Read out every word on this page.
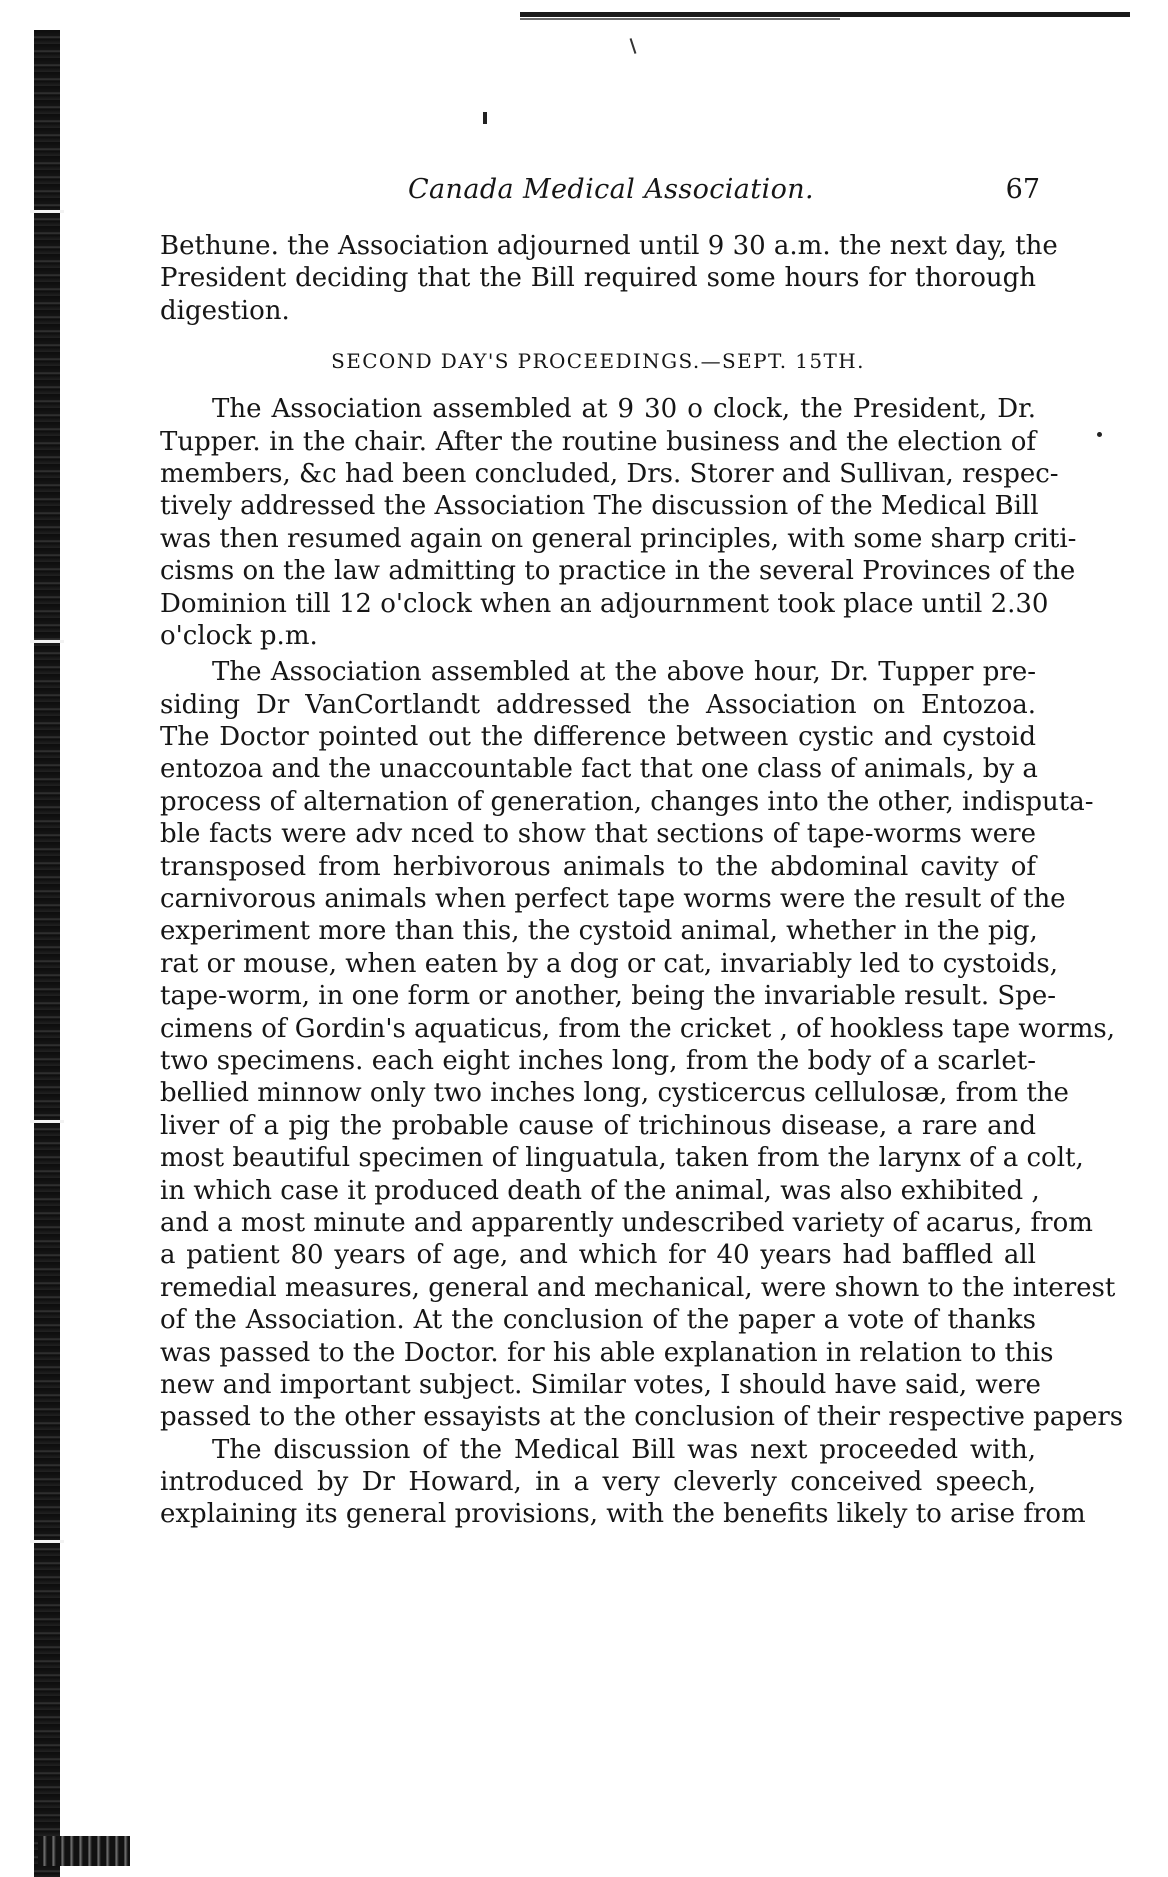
Canada Medical Association.	67
Bethune. the Association adjourned until 9 30 a.m. the next day, the
President deciding that the Bill required some hours for thorough
digestion.
SECOND DAY'S PROCEEDINGS.—SEPT. 15TH.
The Association assembled at 9 30 o clock, the President, Dr.
Tupper. in the chair. After the routine business and the election of
members, &c had been concluded, Drs. Storer and Sullivan, respec-
tively addressed the Association The discussion of the Medical Bill
was then resumed again on general principles, with some sharp criti-
cisms on the law admitting to practice in the several Provinces of the
Dominion till 12 o'clock when an adjournment took place until 2.30
o'clock p.m.
The Association assembled at the above hour, Dr. Tupper pre-
siding Dr VanCortlandt addressed the Association on Entozoa.
The Doctor pointed out the difference between cystic and cystoid
entozoa and the unaccountable fact that one class of animals, by a
process of alternation of generation, changes into the other, indisputa-
ble facts were adv nced to show that sections of tape-worms were
transposed from herbivorous animals to the abdominal cavity of
carnivorous animals when perfect tape worms were the result of the
experiment more than this, the cystoid animal, whether in the pig,
rat or mouse, when eaten by a dog or cat, invariably led to cystoids,
tape-worm, in one form or another, being the invariable result. Spe-
cimens of Gordin's aquaticus, from the cricket , of hookless tape worms,
two specimens. each eight inches long, from the body of a scarlet-
bellied minnow only two inches long, cysticercus cellulosæ, from the
liver of a pig the probable cause of trichinous disease, a rare and
most beautiful specimen of linguatula, taken from the larynx of a colt,
in which case it produced death of the animal, was also exhibited ,
and a most minute and apparently undescribed variety of acarus, from
a patient 80 years of age, and which for 40 years had baffled all
remedial measures, general and mechanical, were shown to the interest
of the Association. At the conclusion of the paper a vote of thanks
was passed to the Doctor. for his able explanation in relation to this
new and important subject. Similar votes, I should have said, were
passed to the other essayists at the conclusion of their respective papers
The discussion of the Medical Bill was next proceeded with,
introduced by Dr Howard, in a very cleverly conceived speech,
explaining its general provisions, with the benefits likely to arise from
